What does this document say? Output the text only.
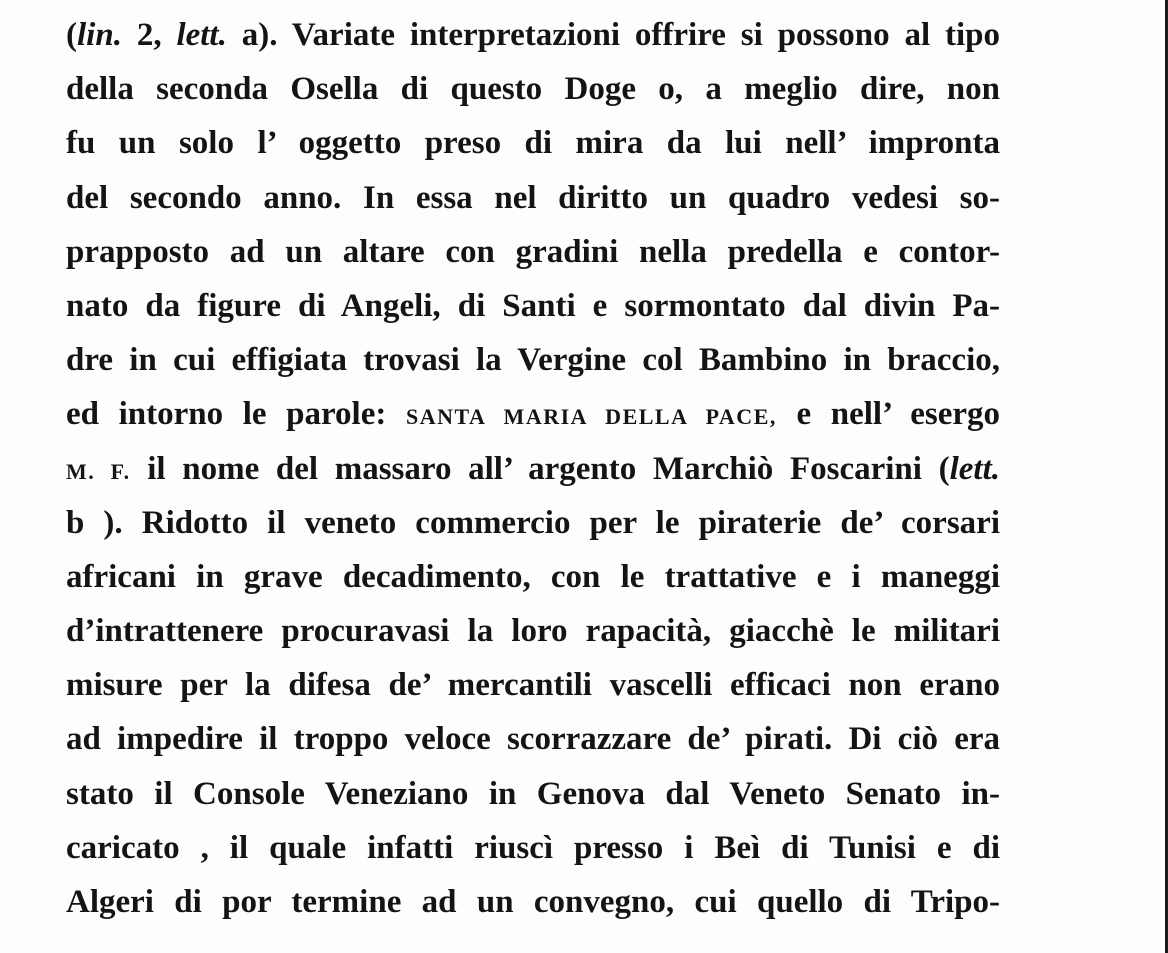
(lin. 2, lett. a). Variate interpretazioni offrire si possono al tipo
della seconda Osella di questo Doge o, a meglio dire, non
fu un solo l’ oggetto preso di mira da lui nell’ impronta
del secondo anno. In essa nel diritto un quadro vedesi so-
prapposto ad un altare con gradini nella predella e contor-
nato da figure di Angeli, di Santi e sormontato dal divin Pa-
dre in cui effigiata trovasi la Vergine col Bambino in braccio,
ed intorno le parole: SANTA MARIA DELLA PACE, e nell’ esergo
M. F. il nome del massaro all’ argento Marchiò Foscarini (lett.
b ). Ridotto il veneto commercio per le piraterie de’ corsari
africani in grave decadimento, con le trattative e i maneggi
d’intrattenere procuravasi la loro rapacità, giacchè le militari
misure per la difesa de’ mercantili vascelli efficaci non erano
ad impedire il troppo veloce scorrazzare de’ pirati. Di ciò era
stato il Console Veneziano in Genova dal Veneto Senato in-
caricato , il quale infatti riuscì presso i Beì di Tunisi e di
Algeri di por termine ad un convegno, cui quello di Tripo-
